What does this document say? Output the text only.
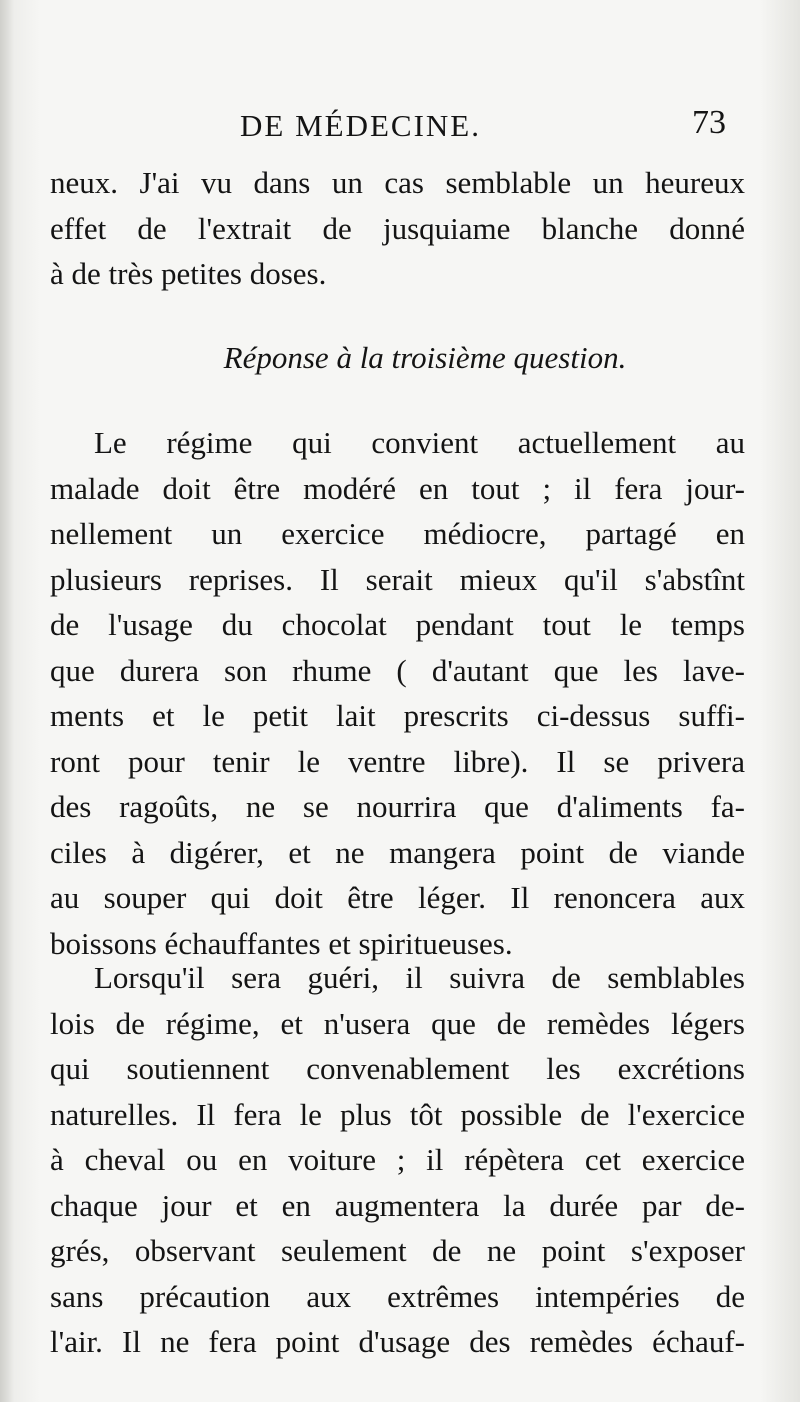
DE MÉDECINE.	73
neux. J'ai vu dans un cas semblable un heureux
effet de l'extrait de jusquiame blanche donné
à de très petites doses.
Réponse à la troisième question.
Le régime qui convient actuellement au
malade doit être modéré en tout ; il fera jour-
nellement un exercice médiocre, partagé en
plusieurs reprises. Il serait mieux qu'il s'abstînt
de l'usage du chocolat pendant tout le temps
que durera son rhume ( d'autant que les lave-
ments et le petit lait prescrits ci-dessus suffi-
ront pour tenir le ventre libre). Il se privera
des ragoûts, ne se nourrira que d'aliments fa-
ciles à digérer, et ne mangera point de viande
au souper qui doit être léger. Il renoncera aux
boissons échauffantes et spiritueuses.
Lorsqu'il sera guéri, il suivra de semblables
lois de régime, et n'usera que de remèdes légers
qui soutiennent convenablement les excrétions
naturelles. Il fera le plus tôt possible de l'exercice
à cheval ou en voiture ; il répètera cet exercice
chaque jour et en augmentera la durée par de-
grés, observant seulement de ne point s'exposer
sans précaution aux extrêmes intempéries de
l'air. Il ne fera point d'usage des remèdes échauf-
